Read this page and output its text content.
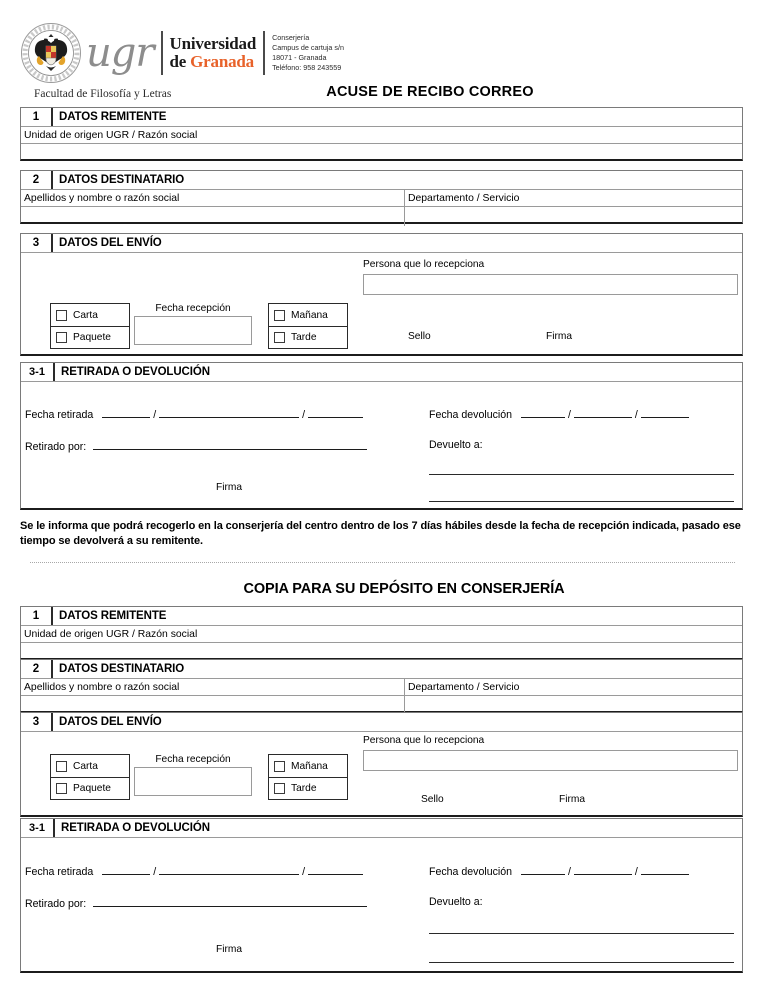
ugr Universidad
de Granada
Conserjería
Campus de cartuja s/n
18071 - Granada
Teléfono: 958 243559
Facultad de Filosofía y Letras	ACUSE DE RECIBO CORREO
1	DATOS REMITENTE
Unidad de origen UGR / Razón social
2	DATOS DESTINATARIO
Apellidos y nombre o razón social	Departamento / Servicio
3	DATOS DEL ENVÍO
Carta
Paquete
Fecha recepción
Mañana
Tarde
Persona que lo recepciona
Sello	Firma
3-1	RETIRADA O DEVOLUCIÓN
Fecha retirada	/	/
Retirado por:
Firma
Fecha devolución	/	/
Devuelto a:
Se le informa que podrá recogerlo en la conserjería del centro dentro de los 7 días hábiles desde la fecha de recepción indicada, pasado ese tiempo se devolverá a su remitente.
COPIA PARA SU DEPÓSITO EN CONSERJERÍA
1	DATOS REMITENTE
Unidad de origen UGR / Razón social
2	DATOS DESTINATARIO
Apellidos y nombre o razón social	Departamento / Servicio
3	DATOS DEL ENVÍO
Carta
Paquete
Fecha recepción
Mañana
Tarde
Persona que lo recepciona
Sello	Firma
3-1	RETIRADA O DEVOLUCIÓN
Fecha retirada	/	/
Retirado por:
Firma
Fecha devolución	/	/
Devuelto a:
